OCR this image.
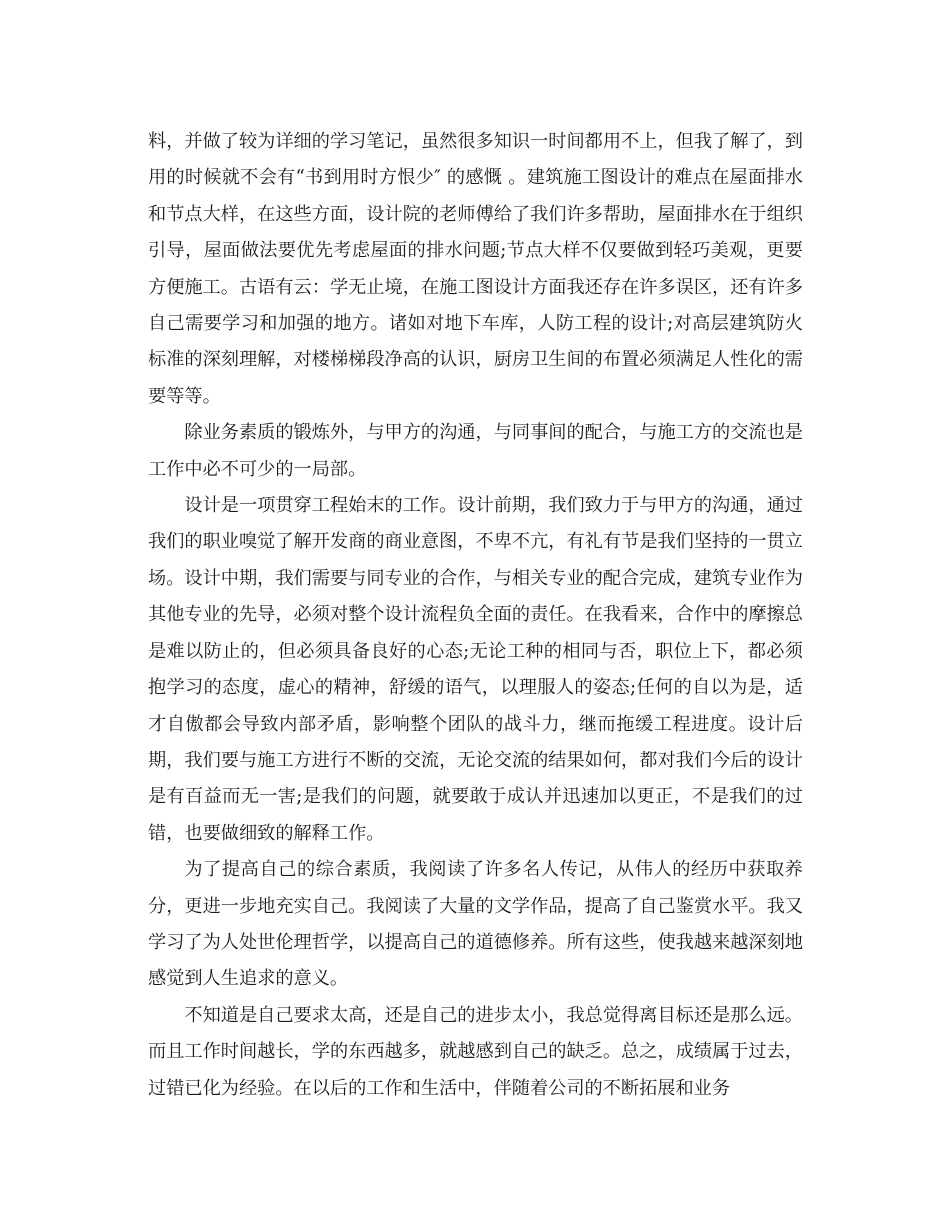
料，并做了较为详细的学习笔记，虽然很多知识一时间都用不上，但我了解了，到用的时候就不会有“书到用时方恨少″ 的感慨 。建筑施工图设计的难点在屋面排水和节点大样，在这些方面，设计院的老师傅给了我们许多帮助，屋面排水在于组织引导，屋面做法要优先考虑屋面的排水问题;节点大样不仅要做到轻巧美观，更要方便施工。古语有云：学无止境，在施工图设计方面我还存在许多误区，还有许多自己需要学习和加强的地方。诸如对地下车库，人防工程的设计;对高层建筑防火标准的深刻理解，对楼梯梯段净高的认识，厨房卫生间的布置必须满足人性化的需要等等。

除业务素质的锻炼外，与甲方的沟通，与同事间的配合，与施工方的交流也是工作中必不可少的一局部。

设计是一项贯穿工程始末的工作。设计前期，我们致力于与甲方的沟通，通过我们的职业嗅觉了解开发商的商业意图，不卑不亢，有礼有节是我们坚持的一贯立场。设计中期，我们需要与同专业的合作，与相关专业的配合完成，建筑专业作为其他专业的先导，必须对整个设计流程负全面的责任。在我看来，合作中的摩擦总是难以防止的，但必须具备良好的心态;无论工种的相同与否，职位上下，都必须抱学习的态度，虚心的精神，舒缓的语气，以理服人的姿态;任何的自以为是，适才自傲都会导致内部矛盾，影响整个团队的战斗力，继而拖缓工程进度。设计后期，我们要与施工方进行不断的交流，无论交流的结果如何，都对我们今后的设计是有百益而无一害;是我们的问题，就要敢于成认并迅速加以更正，不是我们的过错，也要做细致的解释工作。

为了提高自己的综合素质，我阅读了许多名人传记，从伟人的经历中获取养分，更进一步地充实自己。我阅读了大量的文学作品，提高了自己鉴赏水平。我又学习了为人处世伦理哲学，以提高自己的道德修养。所有这些，使我越来越深刻地感觉到人生追求的意义。

不知道是自己要求太高，还是自己的进步太小，我总觉得离目标还是那么远。而且工作时间越长，学的东西越多，就越感到自己的缺乏。总之，成绩属于过去，过错已化为经验。在以后的工作和生活中，伴随着公司的不断拓展和业务
